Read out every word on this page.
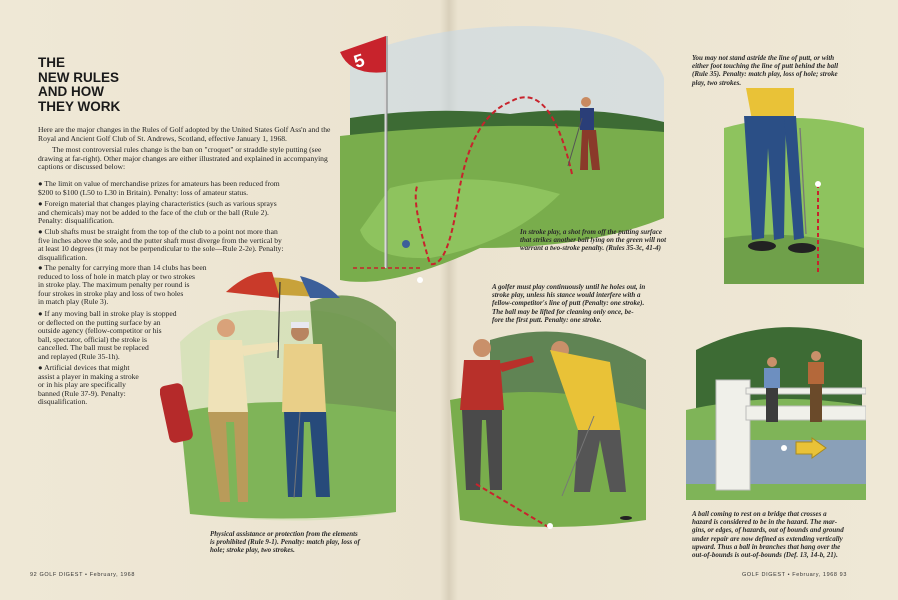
THE
NEW RULES
AND HOW
THEY WORK

Here are the major changes in the Rules of Golf adopted by the United States Golf Ass'n and the Royal and Ancient Golf Club of St. Andrews, Scotland, effective January 1, 1968.

The most controversial rules change is the ban on "croquet" or straddle style putting (see drawing at far-right). Other major changes are either illustrated and explained in accompanying captions or discussed below:

● The limit on value of merchandise prizes for amateurs has been reduced from
$200 to $100 (L50 to L30 in Britain). Penalty: loss of amateur status.
● Foreign material that changes playing characteristics (such as various sprays
and chemicals) may not be added to the face of the club or the ball (Rule 2).
Penalty: disqualification.
● Club shafts must be straight from the top of the club to a point not more than
five inches above the sole, and the putter shaft must diverge from the vertical by
at least 10 degrees (it may not be perpendicular to the sole—Rule 2-2e). Penalty:
disqualification.
● The penalty for carrying more than 14 clubs has been
reduced to loss of hole in match play or two strokes
in stroke play. The maximum penalty per round is
four strokes in stroke play and loss of two holes
in match play (Rule 3).
● If any moving ball in stroke play is stopped
or deflected on the putting surface by an
outside agency (fellow-competitor or his
ball, spectator, official) the stroke is
cancelled. The ball must be replaced
and replayed (Rule 35-1h).
● Artificial devices that might
assist a player in making a stroke
or in his play are specifically
banned (Rule 37-9). Penalty:
disqualification.
5
Physical assistance or protection from the elements
is prohibited (Rule 9-1). Penalty: match play, loss of
hole; stroke play, two strokes.
In stroke play, a shot from off the putting surface
that strikes another ball lying on the green will not
warrant a two-stroke penalty. (Rules 35-3c, 41-4)
A golfer must play continuously until he holes out, in
stroke play, unless his stance would interfere with a
fellow-competitor's line of putt (Penalty: one stroke).
The ball may be lifted for cleaning only once, be-
fore the first putt. Penalty: one stroke.
You may not stand astride the line of putt, or with
either foot touching the line of putt behind the ball
(Rule 35). Penalty: match play, loss of hole; stroke
play, two strokes.
A ball coming to rest on a bridge that crosses a
hazard is considered to be in the hazard. The mar-
gins, or edges, of hazards, out of bounds and ground
under repair are now defined as extending vertically
upward. Thus a ball in branches that hang over the
out-of-bounds is out-of-bounds (Def. 13, 14-b, 21).
92 GOLF DIGEST • February, 1968	GOLF DIGEST • February, 1968 93
